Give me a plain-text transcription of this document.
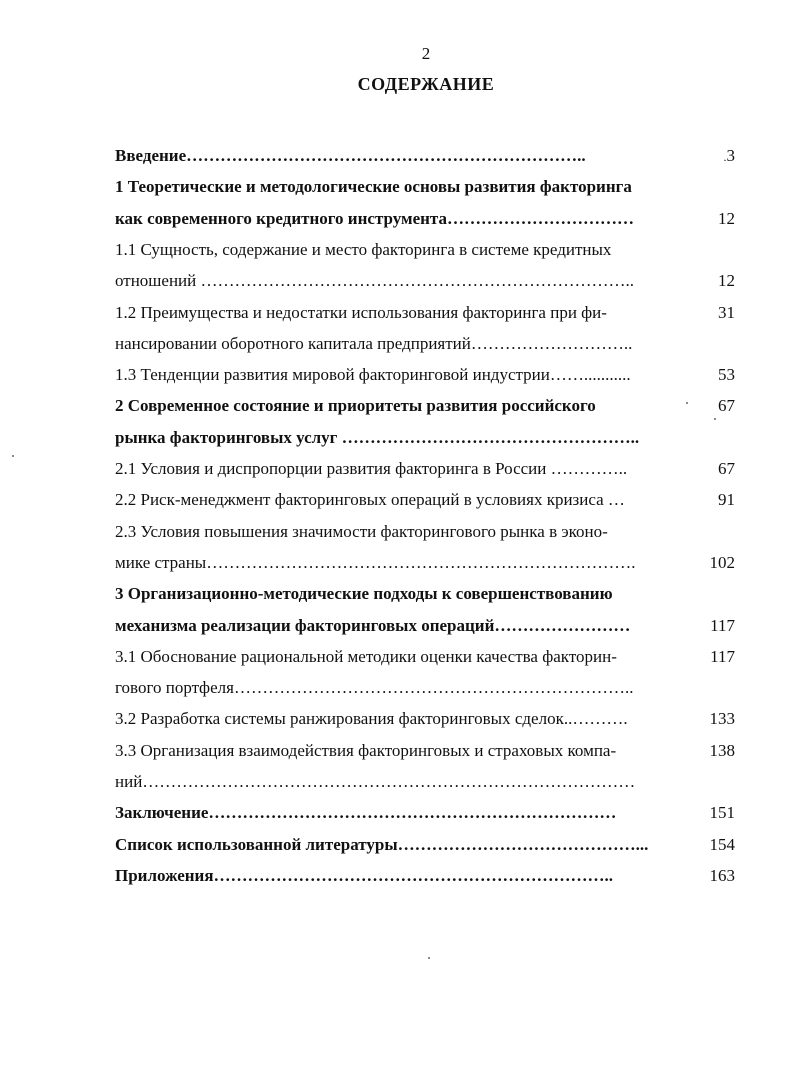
2
СОДЕРЖАНИЕ
Введение……………………………………………………………..	.3
1 Теоретические и методологические основы развития факторинга
как современного кредитного инструмента……………………………	12
1.1 Сущность, содержание и место факторинга в системе кредитных
отношений …………………………………………………………………..	12
1.2 Преимущества и недостатки использования факторинга при фи-	31
нансировании оборотного капитала предприятий………………………..
1.3 Тенденции развития мировой факторинговой индустрии……...........	53
2 Современное состояние и приоритеты развития российского	67
рынка факторинговых услуг ……………………………………………..
2.1 Условия и диспропорции развития факторинга в России …………..	67
2.2 Риск-менеджмент факторинговых операций в условиях кризиса …	91
2.3 Условия повышения значимости факторингового рынка в эконо-
мике страны………………………………………………………………….	102
3 Организационно-методические подходы к совершенствованию
механизма реализации факторинговых операций……………………	117
3.1 Обоснование рациональной методики оценки качества факторин-	117
гового портфеля……………………………………………………………..
3.2 Разработка системы ранжирования факторинговых сделок..……….	133
3.3 Организация взаимодействия факторинговых и страховых компа-	138
ний……………………………………………………………………………
Заключение………………………………………………………………	151
Список использованной литературы……………………………………...	154
Приложения……………………………………………………………..	163
